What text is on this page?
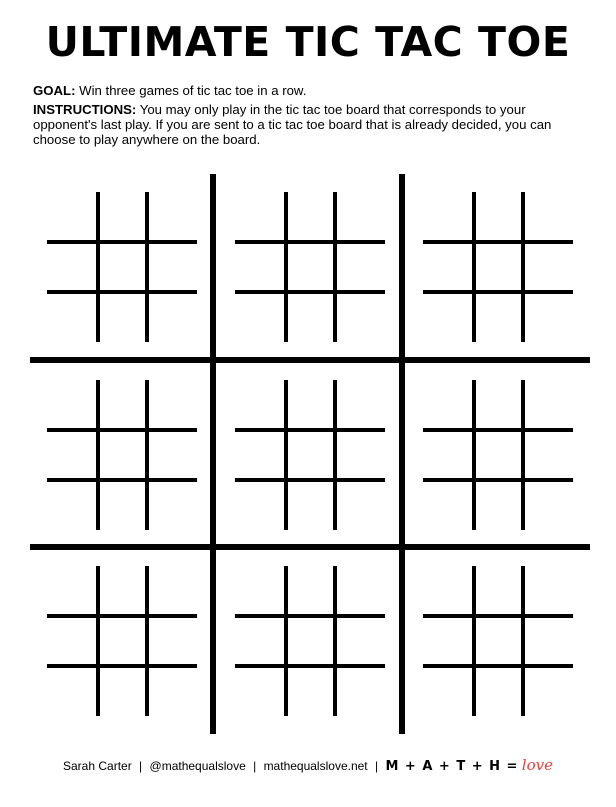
ULTIMATE TIC TAC TOE

GOAL: Win three games of tic tac toe in a row.

INSTRUCTIONS: You may only play in the tic tac toe board that corresponds to your opponent's last play. If you are sent to a tic tac toe board that is already decided, you can choose to play anywhere on the board.

Sarah Carter | @mathequalslove | mathequalslove.net | M + A + T + H = love
